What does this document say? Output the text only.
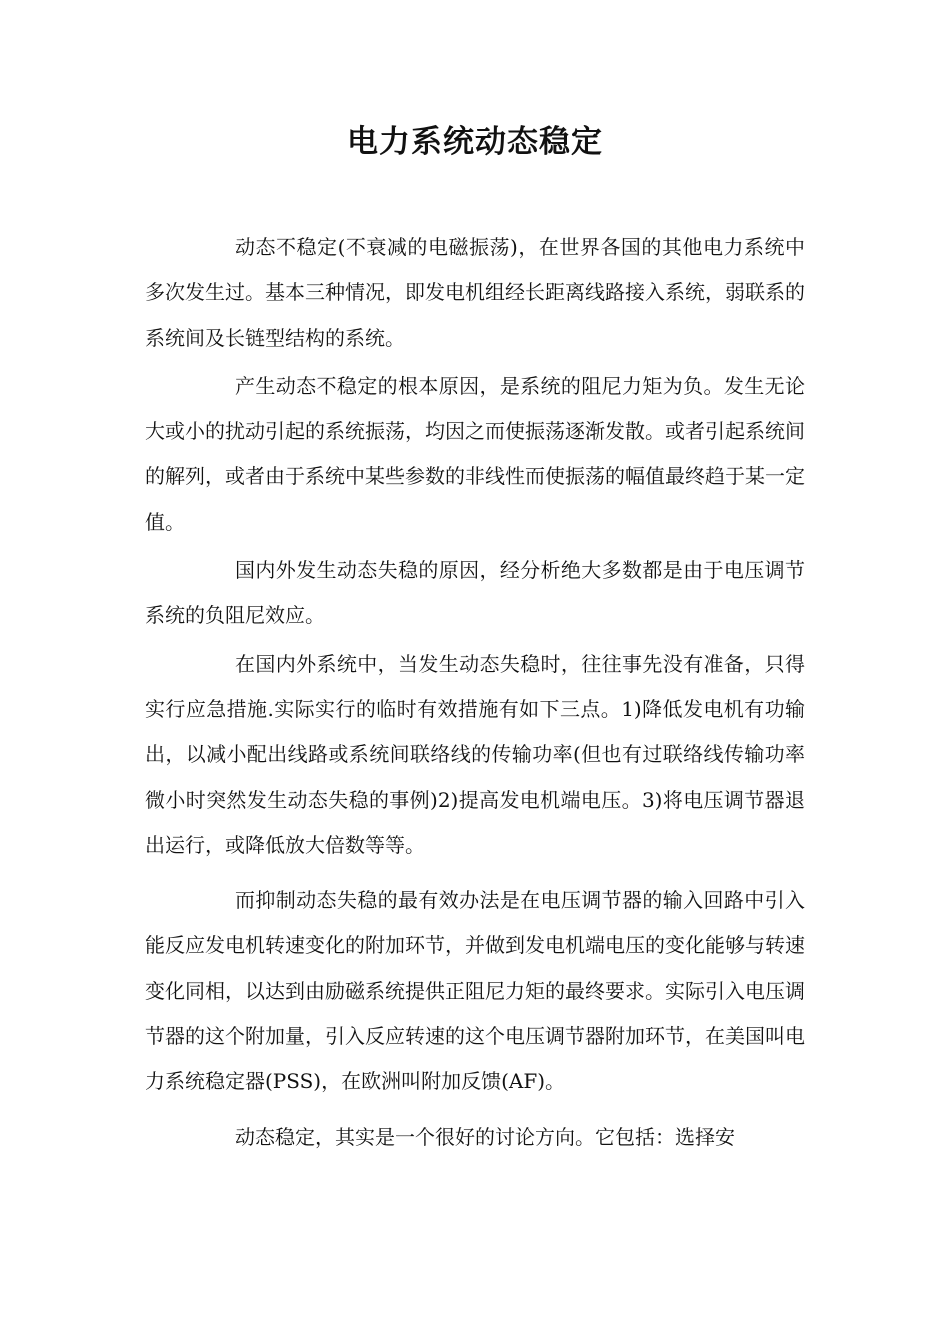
电力系统动态稳定

动态不稳定(不衰减的电磁振荡)，在世界各国的其他电力系统中多次发生过。基本三种情况，即发电机组经长距离线路接入系统，弱联系的系统间及长链型结构的系统。

产生动态不稳定的根本原因，是系统的阻尼力矩为负。发生无论大或小的扰动引起的系统振荡，均因之而使振荡逐渐发散。或者引起系统间的解列，或者由于系统中某些参数的非线性而使振荡的幅值最终趋于某一定值。

国内外发生动态失稳的原因，经分析绝大多数都是由于电压调节系统的负阻尼效应。

在国内外系统中，当发生动态失稳时，往往事先没有准备，只得实行应急措施.实际实行的临时有效措施有如下三点。1)降低发电机有功输出，以减小配出线路或系统间联络线的传输功率(但也有过联络线传输功率微小时突然发生动态失稳的事例)2)提高发电机端电压。3)将电压调节器退出运行，或降低放大倍数等等。

而抑制动态失稳的最有效办法是在电压调节器的输入回路中引入能反应发电机转速变化的附加环节，并做到发电机端电压的变化能够与转速变化同相，以达到由励磁系统提供正阻尼力矩的最终要求。实际引入电压调节器的这个附加量，引入反应转速的这个电压调节器附加环节，在美国叫电力系统稳定器(PSS)，在欧洲叫附加反馈(AF)。

动态稳定，其实是一个很好的讨论方向。它包括：选择安
